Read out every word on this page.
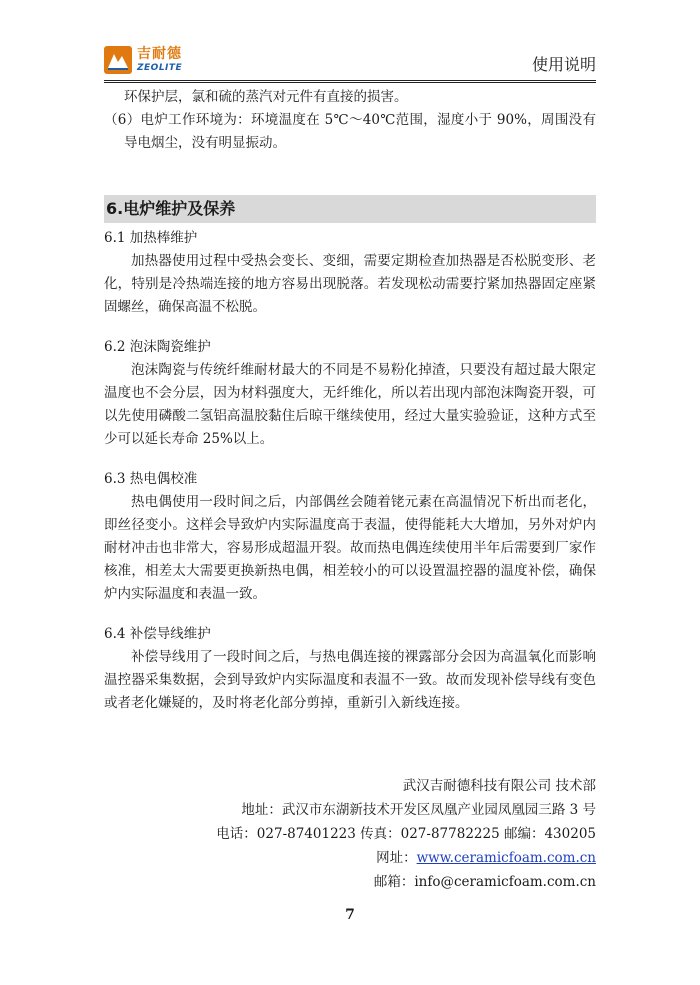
吉耐德
ZEOLITE	使用说明

环保护层，氯和硫的蒸汽对元件有直接的损害。

（6）电炉工作环境为：环境温度在 5℃～40℃范围，湿度小于 90%，周围没有导电烟尘，没有明显振动。

6.电炉维护及保养
6.1 加热棒维护

加热器使用过程中受热会变长、变细，需要定期检查加热器是否松脱变形、老化，特别是冷热端连接的地方容易出现脱落。若发现松动需要拧紧加热器固定座紧固螺丝，确保高温不松脱。

6.2 泡沫陶瓷维护

泡沫陶瓷与传统纤维耐材最大的不同是不易粉化掉渣，只要没有超过最大限定温度也不会分层，因为材料强度大，无纤维化，所以若出现内部泡沫陶瓷开裂，可以先使用磷酸二氢铝高温胶黏住后晾干继续使用，经过大量实验验证，这种方式至少可以延长寿命 25%以上。

6.3 热电偶校准

热电偶使用一段时间之后，内部偶丝会随着铑元素在高温情况下析出而老化，即丝径变小。这样会导致炉内实际温度高于表温，使得能耗大大增加，另外对炉内耐材冲击也非常大，容易形成超温开裂。故而热电偶连续使用半年后需要到厂家作核准，相差太大需要更换新热电偶，相差较小的可以设置温控器的温度补偿，确保炉内实际温度和表温一致。

6.4 补偿导线维护

补偿导线用了一段时间之后，与热电偶连接的裸露部分会因为高温氧化而影响温控器采集数据，会到导致炉内实际温度和表温不一致。故而发现补偿导线有变色或者老化嫌疑的，及时将老化部分剪掉，重新引入新线连接。

武汉吉耐德科技有限公司 技术部

地址：武汉市东湖新技术开发区凤凰产业园凤凰园三路 3 号

电话：027-87401223 传真：027-87782225 邮编：430205

网址：www.ceramicfoam.com.cn

邮箱：info@ceramicfoam.com.cn

7
